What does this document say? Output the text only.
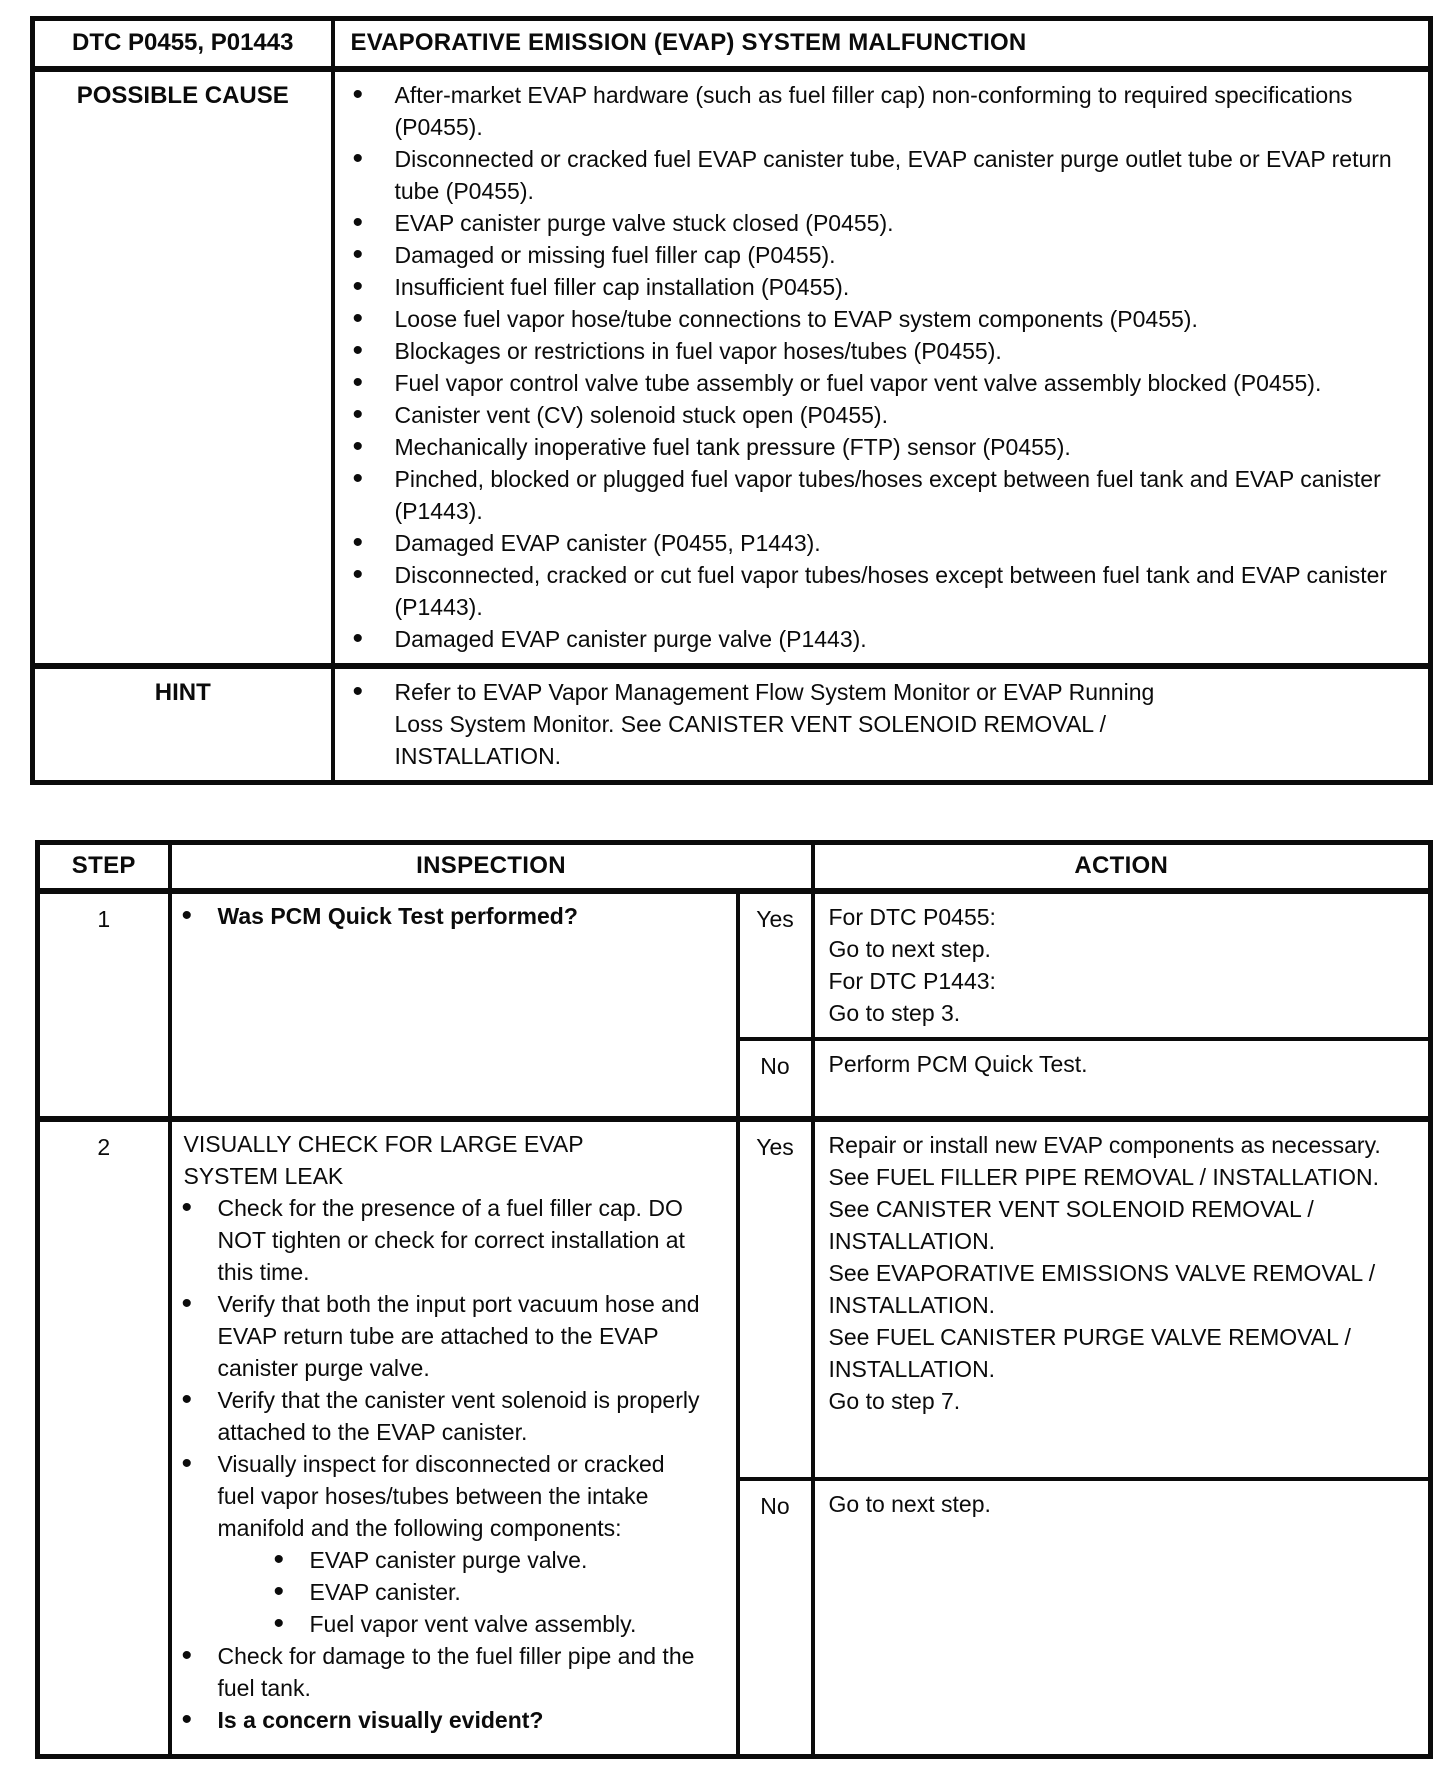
DTC P0455, P01443	EVAPORATIVE EMISSION (EVAP) SYSTEM MALFUNCTION
POSSIBLE CAUSE	•	After-market EVAP hardware (such as fuel filler cap) non-conforming to required specifications (P0455).
•	Disconnected or cracked fuel EVAP canister tube, EVAP canister purge outlet tube or EVAP return tube (P0455).
•	EVAP canister purge valve stuck closed (P0455).
•	Damaged or missing fuel filler cap (P0455).
•	Insufficient fuel filler cap installation (P0455).
•	Loose fuel vapor hose/tube connections to EVAP system components (P0455).
•	Blockages or restrictions in fuel vapor hoses/tubes (P0455).
•	Fuel vapor control valve tube assembly or fuel vapor vent valve assembly blocked (P0455).
•	Canister vent (CV) solenoid stuck open (P0455).
•	Mechanically inoperative fuel tank pressure (FTP) sensor (P0455).
•	Pinched, blocked or plugged fuel vapor tubes/hoses except between fuel tank and EVAP canister (P1443).
•	Damaged EVAP canister (P0455, P1443).
•	Disconnected, cracked or cut fuel vapor tubes/hoses except between fuel tank and EVAP canister (P1443).
•	Damaged EVAP canister purge valve (P1443).

HINT	•	Refer to EVAP Vapor Management Flow System Monitor or EVAP Running Loss System Monitor. See CANISTER VENT SOLENOID REMOVAL / INSTALLATION.
STEP	INSPECTION		ACTION
1	•	Was PCM Quick Test performed?	Yes	For DTC P0455:
Go to next step.
For DTC P1443:
Go to step 3.

		No	Perform PCM Quick Test.

2	VISUALLY CHECK FOR LARGE EVAP
SYSTEM LEAK
•	Check for the presence of a fuel filler cap. DO NOT tighten or check for correct installation at this time.
•	Verify that both the input port vacuum hose and EVAP return tube are attached to the EVAP canister purge valve.
•	Verify that the canister vent solenoid is properly attached to the EVAP canister.
•	Visually inspect for disconnected or cracked fuel vapor hoses/tubes between the intake manifold and the following components:
•	EVAP canister purge valve.
•	EVAP canister.
•	Fuel vapor vent valve assembly.
•	Check for damage to the fuel filler pipe and the fuel tank.
•	Is a concern visually evident?
	Yes	Repair or install new EVAP components as necessary.
See FUEL FILLER PIPE REMOVAL / INSTALLATION.
See CANISTER VENT SOLENOID REMOVAL / INSTALLATION.
See EVAPORATIVE EMISSIONS VALVE REMOVAL / INSTALLATION.
See FUEL CANISTER PURGE VALVE REMOVAL / INSTALLATION.
Go to step 7.

		No	Go to next step.
